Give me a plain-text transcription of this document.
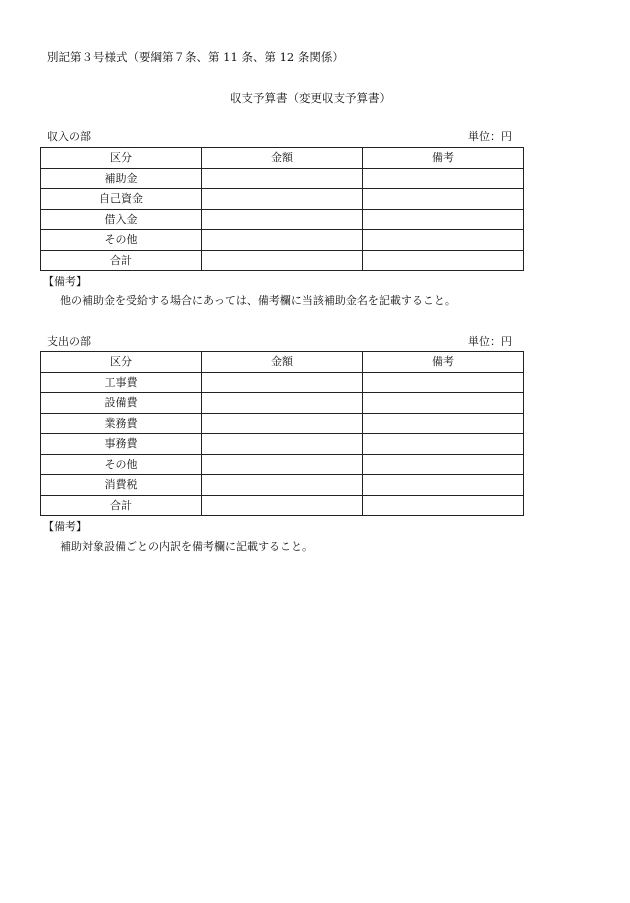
別記第３号様式（要綱第７条、第 11 条、第 12 条関係）
収支予算書（変更収支予算書）
収入の部	単位：円
区分	金額	備考
補助金		
自己資金		
借入金		
その他		
合計		
【備考】
他の補助金を受給する場合にあっては、備考欄に当該補助金名を記載すること。
支出の部	単位：円
区分	金額	備考
工事費		
設備費		
業務費		
事務費		
その他		
消費税		
合計		
【備考】
補助対象設備ごとの内訳を備考欄に記載すること。
